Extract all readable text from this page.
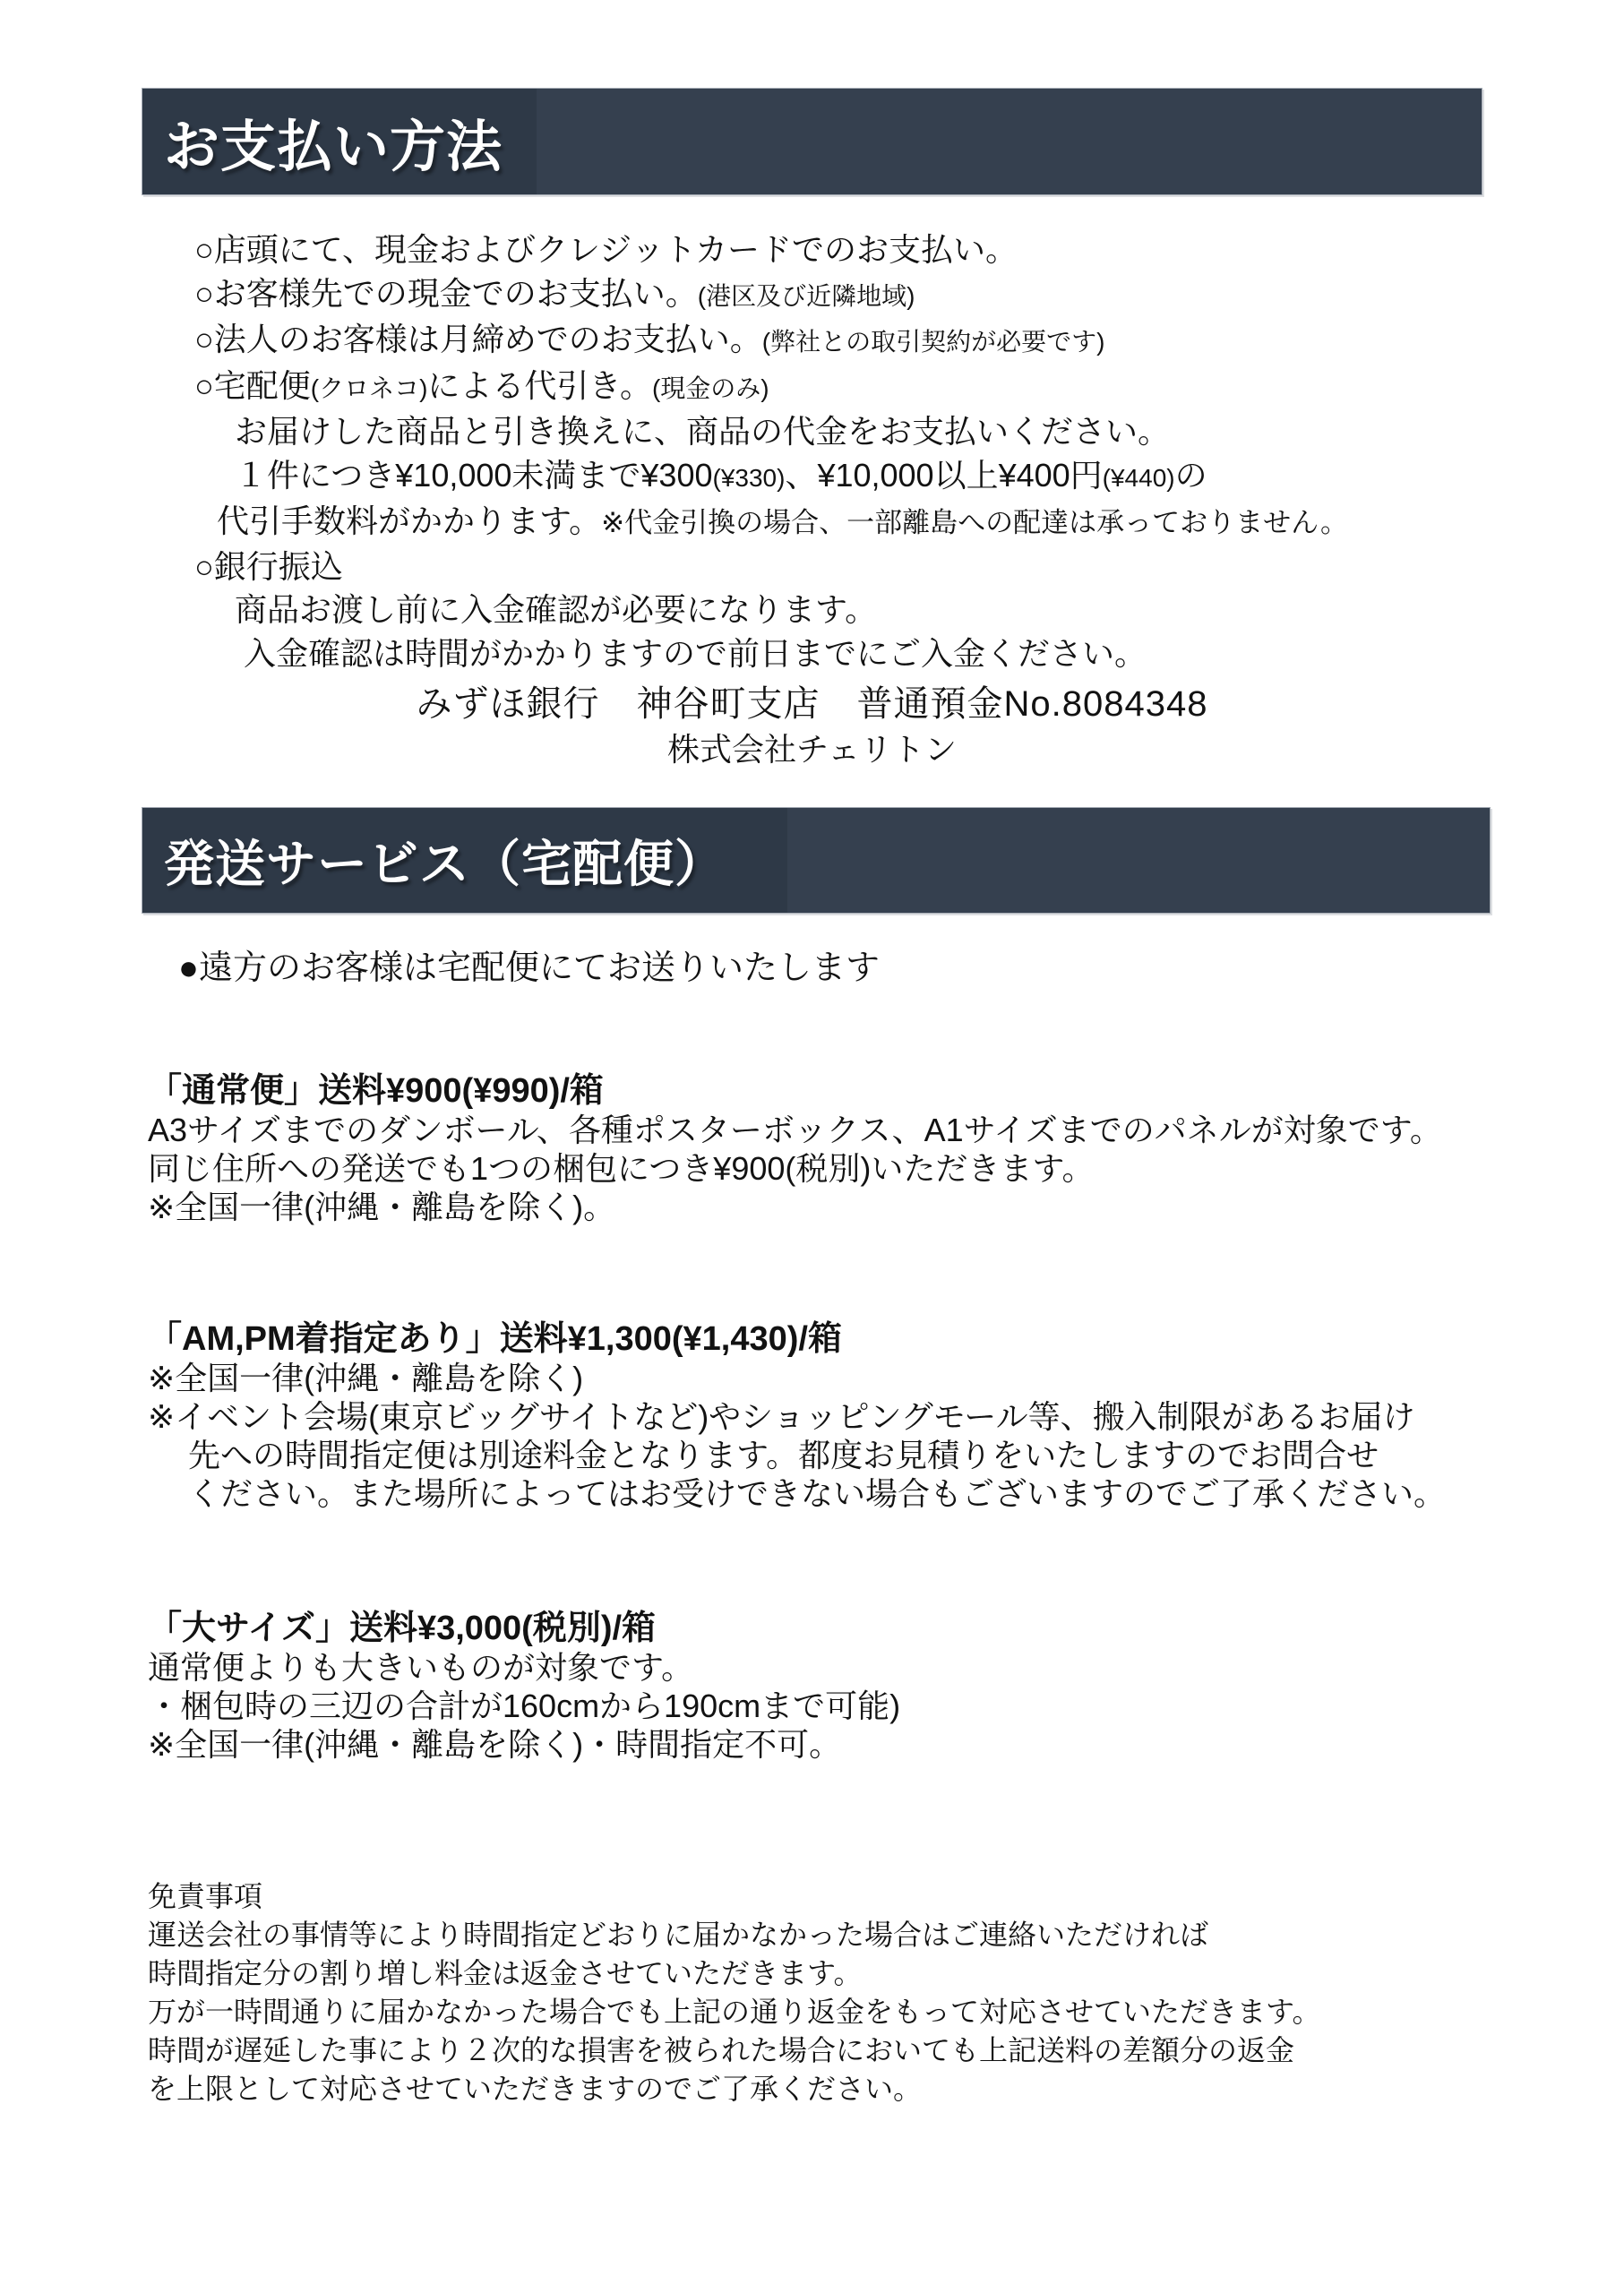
お支払い方法
○店頭にて、現金およびクレジットカードでのお支払い。
○お客様先での現金でのお支払い。(港区及び近隣地域)
○法人のお客様は月締めでのお支払い。(弊社との取引契約が必要です)
○宅配便(クロネコ)による代引き。(現金のみ)
お届けした商品と引き換えに、商品の代金をお支払いください。
１件につき¥10,000未満まで¥300(¥330)、¥10,000以上¥400円(¥440)の
代引手数料がかかります。※代金引換の場合、一部離島への配達は承っておりません。
○銀行振込
商品お渡し前に入金確認が必要になります。
入金確認は時間がかかりますので前日までにご入金ください。
みずほ銀行　神谷町支店　普通預金No.8084348
株式会社チェリトン
発送サービス（宅配便）
●遠方のお客様は宅配便にてお送りいたします
「通常便」送料¥900(¥990)/箱
A3サイズまでのダンボール、各種ポスターボックス、A1サイズまでのパネルが対象です。
同じ住所への発送でも1つの梱包につき¥900(税別)いただきます。
※全国一律(沖縄・離島を除く)。
「AM,PM着指定あり」送料¥1,300(¥1,430)/箱
※全国一律(沖縄・離島を除く)
※イベント会場(東京ビッグサイトなど)やショッピングモール等、搬入制限があるお届け
先への時間指定便は別途料金となります。都度お見積りをいたしますのでお問合せ
ください。また場所によってはお受けできない場合もございますのでご了承ください。
「大サイズ」送料¥3,000(税別)/箱
通常便よりも大きいものが対象です。
・梱包時の三辺の合計が160cmから190cmまで可能)
※全国一律(沖縄・離島を除く)・時間指定不可。
免責事項
運送会社の事情等により時間指定どおりに届かなかった場合はご連絡いただければ
時間指定分の割り増し料金は返金させていただきます。
万が一時間通りに届かなかった場合でも上記の通り返金をもって対応させていただきます。
時間が遅延した事により２次的な損害を被られた場合においても上記送料の差額分の返金
を上限として対応させていただきますのでご了承ください。
